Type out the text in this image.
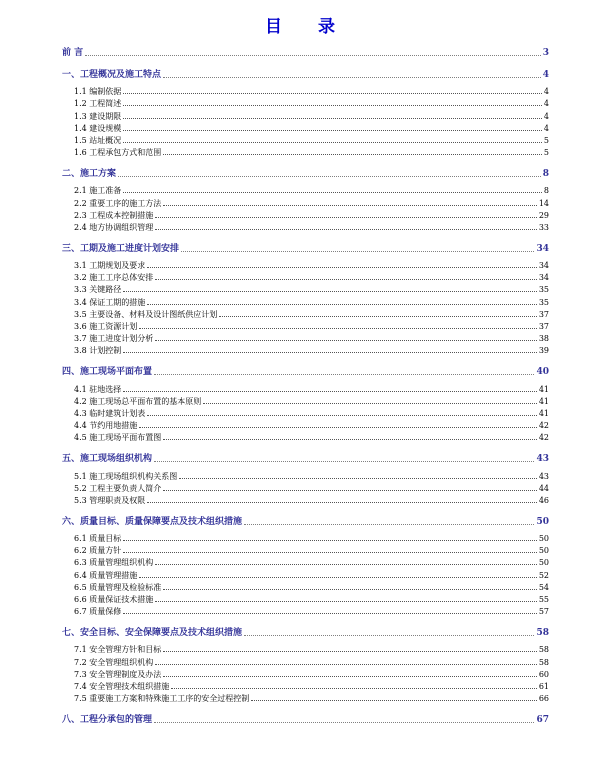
目 录
前 言	3
一、工程概况及施工特点	4
1.1 编制依据	4
1.2 工程简述	4
1.3 建设期限	4
1.4 建设规模	4
1.5 站址概况	5
1.6 工程承包方式和范围	5
二、施工方案	8
2.1 施工准备	8
2.2 重要工序的施工方法	14
2.3 工程成本控制措施	29
2.4 地方协调组织管理	33
三、工期及施工进度计划安排	34
3.1 工期规划及要求	34
3.2 施工工序总体安排	34
3.3 关键路径	35
3.4 保证工期的措施	35
3.5 主要设备、材料及设计图纸供应计划	37
3.6 施工资源计划	37
3.7 施工进度计划分析	38
3.8 计划控制	39
四、施工现场平面布置	40
4.1 驻地选择	41
4.2 施工现场总平面布置的基本原则	41
4.3 临时建筑计划表	41
4.4 节约用地措施	42
4.5 施工现场平面布置图	42
五、施工现场组织机构	43
5.1 施工现场组织机构关系图	43
5.2 工程主要负责人简介	44
5.3 管理职责及权限	46
六、质量目标、质量保障要点及技术组织措施	50
6.1 质量目标	50
6.2 质量方针	50
6.3 质量管理组织机构	50
6.4 质量管理措施	52
6.5 质量管理及检验标准	54
6.6 质量保证技术措施	55
6.7 质量保修	57
七、安全目标、安全保障要点及技术组织措施	58
7.1 安全管理方针和目标	58
7.2 安全管理组织机构	58
7.3 安全管理制度及办法	60
7.4 安全管理技术组织措施	61
7.5 重要施工方案和特殊施工工序的安全过程控制	66
八、工程分承包的管理	67
